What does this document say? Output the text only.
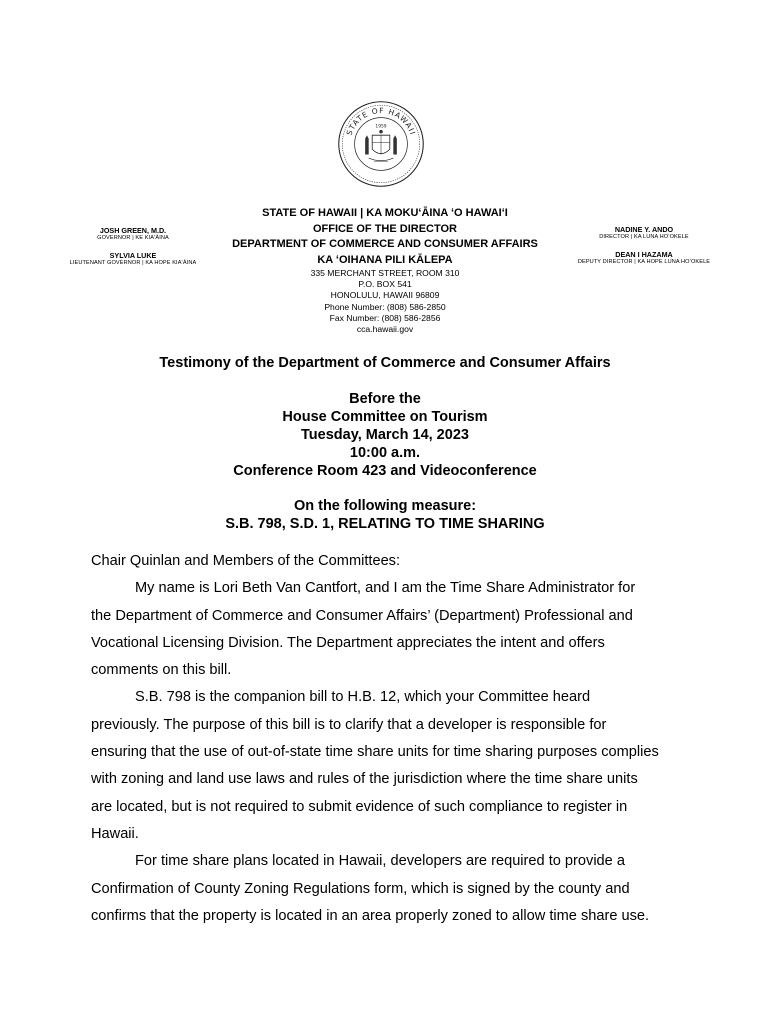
STATE OF HAWAII
1959
JOSH GREEN, M.D.
GOVERNOR | KE KIAʻĀINA
SYLVIA LUKE
LIEUTENANT GOVERNOR | KA HOPE KIAʻĀINA
NADINE Y. ANDO
DIRECTOR | KA LUNA HOʻOKELE
DEAN I HAZAMA
DEPUTY DIRECTOR | KA HOPE LUNA HOʻOKELE
STATE OF HAWAII | KA MOKUʻĀINA ʻO HAWAIʻI
OFFICE OF THE DIRECTOR
DEPARTMENT OF COMMERCE AND CONSUMER AFFAIRS
KA ʻOIHANA PILI KĀLEPA
335 MERCHANT STREET, ROOM 310
P.O. BOX 541
HONOLULU, HAWAII 96809
Phone Number: (808) 586-2850
Fax Number: (808) 586-2856
cca.hawaii.gov
Testimony of the Department of Commerce and Consumer Affairs
Before the
House Committee on Tourism
Tuesday, March 14, 2023
10:00 a.m.
Conference Room 423 and Videoconference
On the following measure:
S.B. 798, S.D. 1, RELATING TO TIME SHARING
Chair Quinlan and Members of the Committees:
My name is Lori Beth Van Cantfort, and I am the Time Share Administrator for
the Department of Commerce and Consumer Affairs’ (Department) Professional and
Vocational Licensing Division. The Department appreciates the intent and offers
comments on this bill.
S.B. 798 is the companion bill to H.B. 12, which your Committee heard
previously. The purpose of this bill is to clarify that a developer is responsible for
ensuring that the use of out-of-state time share units for time sharing purposes complies
with zoning and land use laws and rules of the jurisdiction where the time share units
are located, but is not required to submit evidence of such compliance to register in
Hawaii.
For time share plans located in Hawaii, developers are required to provide a
Confirmation of County Zoning Regulations form, which is signed by the county and
confirms that the property is located in an area properly zoned to allow time share use.
